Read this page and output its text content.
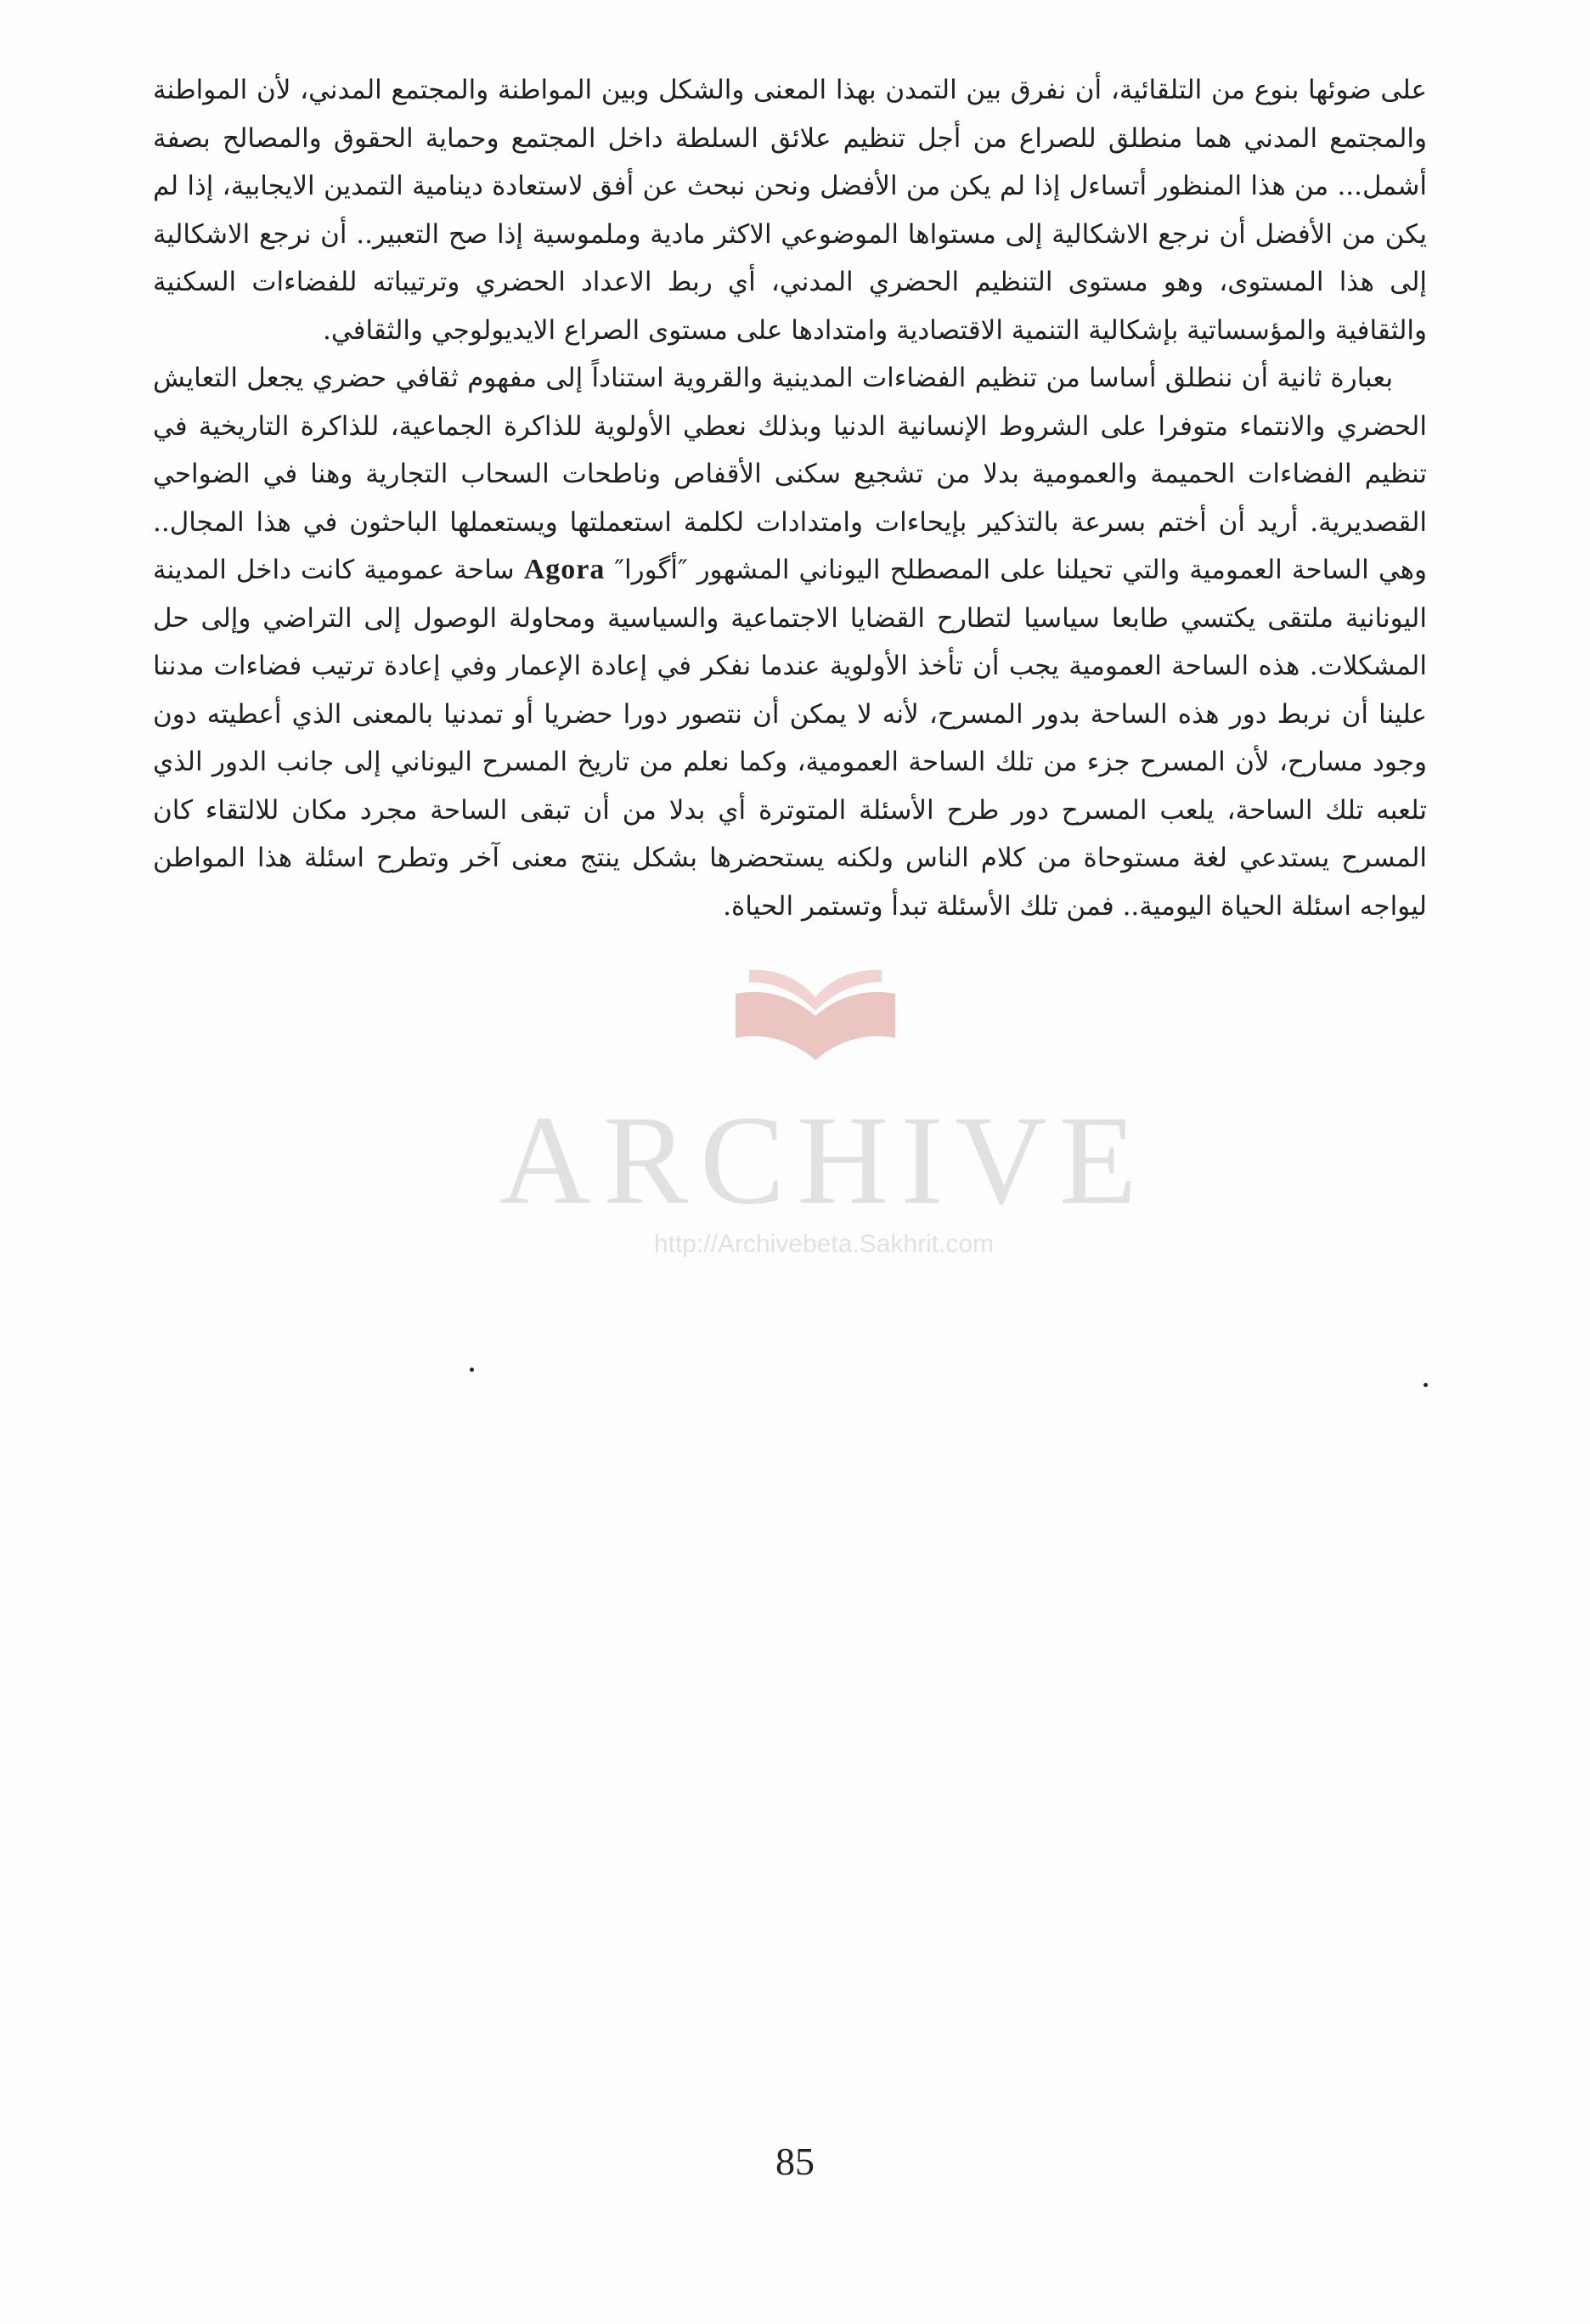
ARCHIVE
http://Archivebeta.Sakhrit.com

على ضوئها بنوع من التلقائية، أن نفرق بين التمدن بهذا المعنى والشكل وبين المواطنة والمجتمع المدني، لأن المواطنة والمجتمع المدني هما منطلق للصراع من أجل تنظيم علائق السلطة داخل المجتمع وحماية الحقوق والمصالح بصفة أشمل... من هذا المنظور أتساءل إذا لم يكن من الأفضل ونحن نبحث عن أفق لاستعادة دينامية التمدين الايجابية، إذا لم يكن من الأفضل أن نرجع الاشكالية إلى مستواها الموضوعي الاكثر مادية وملموسية إذا صح التعبير.. أن نرجع الاشكالية إلى هذا المستوى، وهو مستوى التنظيم الحضري المدني، أي ربط الاعداد الحضري وترتيباته للفضاءات السكنية والثقافية والمؤسساتية بإشكالية التنمية الاقتصادية وامتدادها على مستوى الصراع الايديولوجي والثقافي.

بعبارة ثانية أن ننطلق أساسا من تنظيم الفضاءات المدينية والقروية استناداً إلى مفهوم ثقافي حضري يجعل التعايش الحضري والانتماء متوفرا على الشروط الإنسانية الدنيا وبذلك نعطي الأولوية للذاكرة الجماعية، للذاكرة التاريخية في تنظيم الفضاءات الحميمة والعمومية بدلا من تشجيع سكنى الأقفاص وناطحات السحاب التجارية وهنا في الضواحي القصديرية. أريد أن أختم بسرعة بالتذكير بإيحاءات وامتدادات لكلمة استعملتها ويستعملها الباحثون في هذا المجال.. وهي الساحة العمومية والتي تحيلنا على المصطلح اليوناني المشهور ″أگورا″ Agora ساحة عمومية كانت داخل المدينة اليونانية ملتقى يكتسي طابعا سياسيا لتطارح القضايا الاجتماعية والسياسية ومحاولة الوصول إلى التراضي وإلى حل المشكلات. هذه الساحة العمومية يجب أن تأخذ الأولوية عندما نفكر في إعادة الإعمار وفي إعادة ترتيب فضاءات مدننا علينا أن نربط دور هذه الساحة بدور المسرح، لأنه لا يمكن أن نتصور دورا حضريا أو تمدنيا بالمعنى الذي أعطيته دون وجود مسارح، لأن المسرح جزء من تلك الساحة العمومية، وكما نعلم من تاريخ المسرح اليوناني إلى جانب الدور الذي تلعبه تلك الساحة، يلعب المسرح دور طرح الأسئلة المتوترة أي بدلا من أن تبقى الساحة مجرد مكان للالتقاء كان المسرح يستدعي لغة مستوحاة من كلام الناس ولكنه يستحضرها بشكل ينتج معنى آخر وتطرح اسئلة هذا المواطن ليواجه اسئلة الحياة اليومية.. فمن تلك الأسئلة تبدأ وتستمر الحياة.

85
